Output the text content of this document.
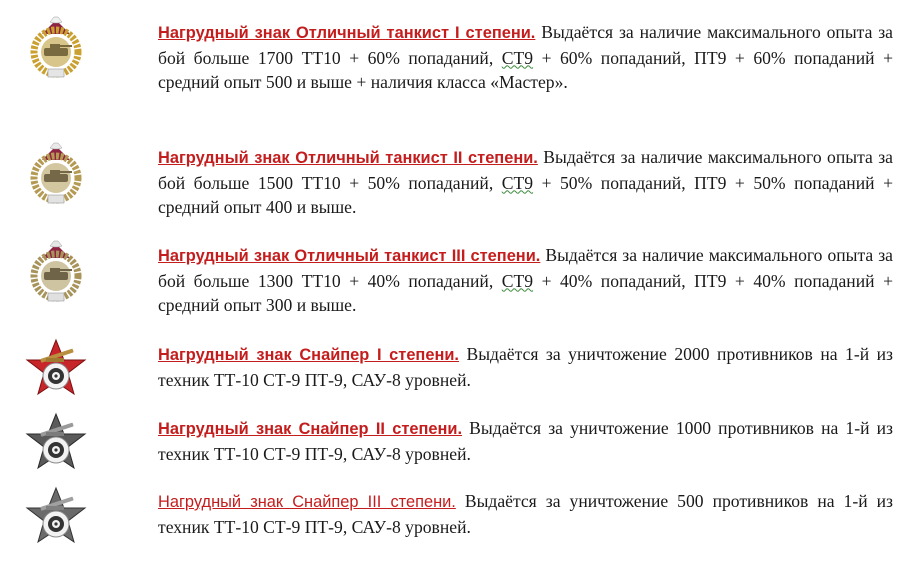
Нагрудный знак Отличный танкист I степени. Выдаётся за наличие максимального опыта за бой больше 1700 ТТ10 + 60% попаданий, СТ9 + 60% попаданий, ПТ9 + 60% попаданий + средний опыт 500 и выше + наличия класса «Мастер».
Нагрудный знак Отличный танкист II степени. Выдаётся за наличие максимального опыта за бой больше 1500 ТТ10 + 50% попаданий, СТ9 + 50% попаданий, ПТ9 + 50% попаданий + средний опыт 400 и выше.
Нагрудный знак Отличный танкист III степени. Выдаётся за наличие максимального опыта за бой больше 1300 ТТ10 + 40% попаданий, СТ9 + 40% попаданий, ПТ9 + 40% попаданий + средний опыт 300 и выше.
Нагрудный знак Снайпер I степени. Выдаётся за уничтожение 2000 противников на 1-й из техник ТТ-10 СТ-9 ПТ-9, САУ-8 уровней.
Нагрудный знак Снайпер II степени. Выдаётся за уничтожение 1000 противников на 1-й из техник ТТ-10 СТ-9 ПТ-9, САУ-8 уровней.
Нагрудный знак Снайпер III степени. Выдаётся за уничтожение 500 противников на 1-й из техник ТТ-10 СТ-9 ПТ-9, САУ-8 уровней.
